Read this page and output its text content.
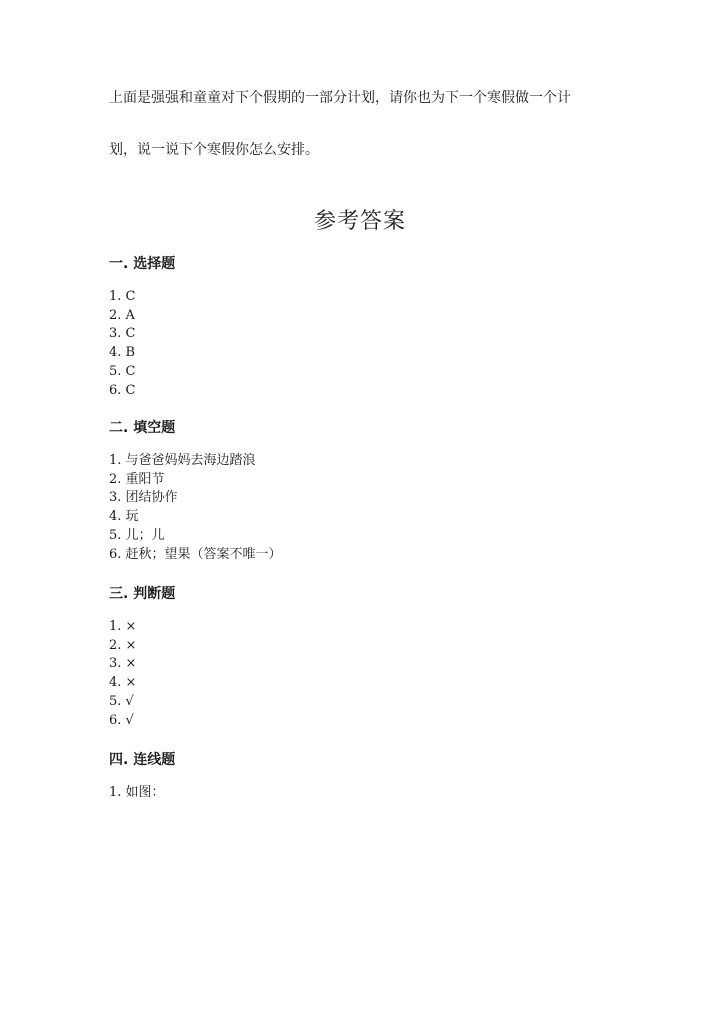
上面是强强和童童对下个假期的一部分计划，请你也为下一个寒假做一个计
划，说一说下个寒假你怎么安排。
参考答案
一. 选择题
1. C
2. A
3. C
4. B
5. C
6. C
二. 填空题
1. 与爸爸妈妈去海边踏浪
2. 重阳节
3. 团结协作
4. 玩
5. 儿；儿
6. 赶秋；望果（答案不唯一）
三. 判断题
1. ×
2. ×
3. ×
4. ×
5. √
6. √
四. 连线题
1. 如图：
